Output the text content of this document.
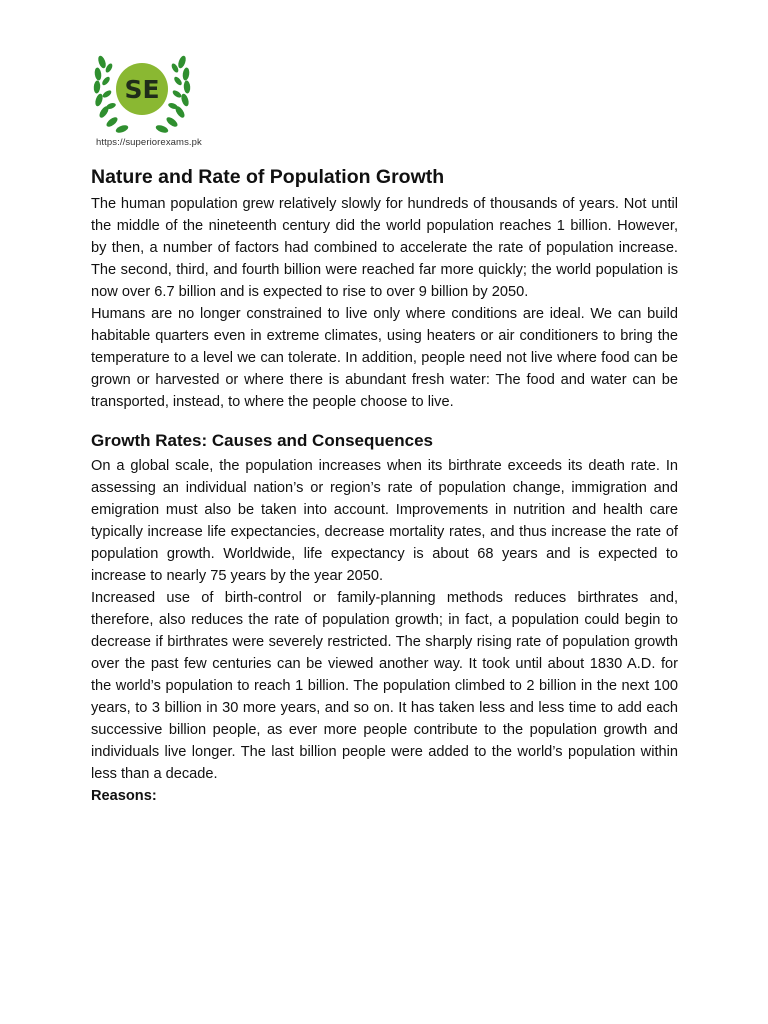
SE
https://superiorexams.pk
Nature and Rate of Population Growth

The human population grew relatively slowly for hundreds of thousands of years. Not until the middle of the nineteenth century did the world population reaches 1 billion. However, by then, a number of factors had combined to accelerate the rate of population increase. The second, third, and fourth billion were reached far more quickly; the world population is now over 6.7 billion and is expected to rise to over 9 billion by 2050.

Humans are no longer constrained to live only where conditions are ideal. We can build habitable quarters even in extreme climates, using heaters or air conditioners to bring the temperature to a level we can tolerate. In addition, people need not live where food can be grown or harvested or where there is abundant fresh water: The food and water can be transported, instead, to where the people choose to live.

Growth Rates: Causes and Consequences

On a global scale, the population increases when its birthrate exceeds its death rate. In assessing an individual nation’s or region’s rate of population change, immigration and emigration must also be taken into account. Improvements in nutrition and health care typically increase life expectancies, decrease mortality rates, and thus increase the rate of population growth. Worldwide, life expectancy is about 68 years and is expected to increase to nearly 75 years by the year 2050.

Increased use of birth-control or family-planning methods reduces birthrates and, therefore, also reduces the rate of population growth; in fact, a population could begin to decrease if birthrates were severely restricted. The sharply rising rate of population growth over the past few centuries can be viewed another way. It took until about 1830 A.D. for the world’s population to reach 1 billion. The population climbed to 2 billion in the next 100 years, to 3 billion in 30 more years, and so on. It has taken less and less time to add each successive billion people, as ever more people contribute to the population growth and individuals live longer. The last billion people were added to the world’s population within less than a decade.

Reasons:
